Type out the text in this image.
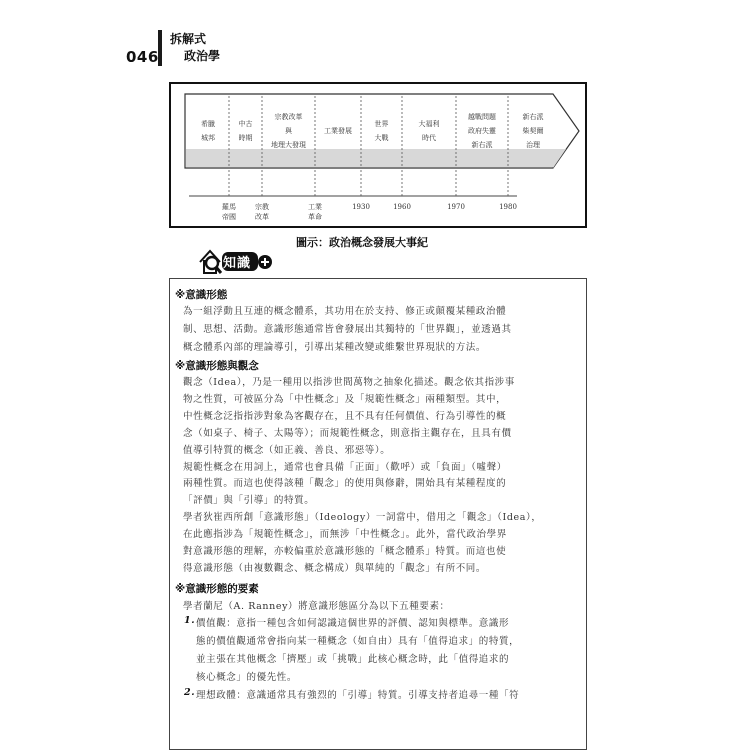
046
拆解式
政治學
希臘
城邦
中古
時期
宗教改革
與
地理大發現
工業發展
世界
大戰
大福利
時代
越戰問題
政府失靈
新右派
新右派
柴契爾
治理
羅馬
帝國
宗教
改革
工業
革命
1930	1960	1970	1980
圖示：政治概念發展大事紀
知識
※意識形態
為一組浮動且互連的概念體系，其功用在於支持、修正或顛覆某種政治體
制、思想、活動。意識形態通常皆會發展出其獨特的「世界觀」，並透過其
概念體系內部的理論導引，引導出某種改變或維繫世界現狀的方法。
※意識形態與觀念
觀念（Idea），乃是一種用以指涉世間萬物之抽象化描述。觀念依其指涉事
物之性質，可被區分為「中性概念」及「規範性概念」兩種類型。其中，
中性概念泛指指涉對象為客觀存在，且不具有任何價值、行為引導性的概
念（如桌子、椅子、太陽等）；而規範性概念，則意指主觀存在，且具有價
值導引特質的概念（如正義、善良、邪惡等）。
規範性概念在用詞上，通常也會具備「正面」（歡呼）或「負面」（噓聲）
兩種性質。而這也使得該種「觀念」的使用與修辭，開始具有某種程度的
「評價」與「引導」的特質。
學者狄崔西所創「意識形態」（Ideology）一詞當中，借用之「觀念」（Idea），
在此應指涉為「規範性概念」，而無涉「中性概念」。此外，當代政治學界
對意識形態的理解，亦較偏重於意識形態的「概念體系」特質。而這也使
得意識形態（由複數觀念、概念構成）與單純的「觀念」有所不同。
※意識形態的要素
學者蘭尼（A. Ranney）將意識形態區分為以下五種要素：
1. 價值觀：意指一種包含如何認識這個世界的評價、認知與標準。意識形
態的價值觀通常會指向某一種概念（如自由）具有「值得追求」的特質，
並主張在其他概念「擠壓」或「挑戰」此核心概念時，此「值得追求的
核心概念」的優先性。
2. 理想政體：意識通常具有強烈的「引導」特質。引導支持者追尋一種「符
